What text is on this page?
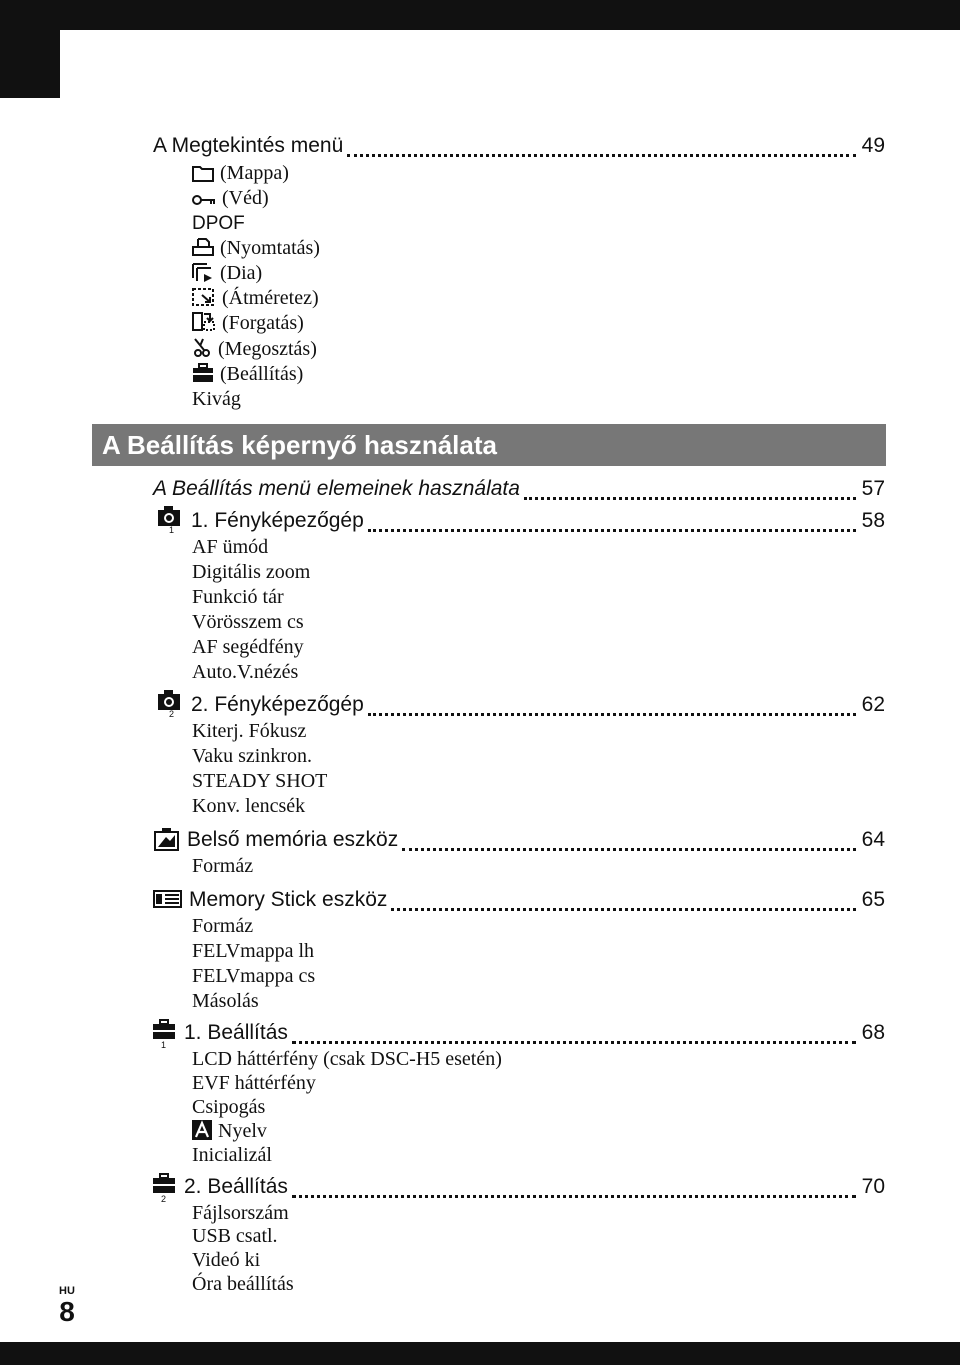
A Megtekintés menü	49
(Mappa)
(Véd)
DPOF
(Nyomtatás)
(Dia)
(Átméretez)
(Forgatás)
(Megosztás)
(Beállítás)
Kivág
A Beállítás képernyő használata
A Beállítás menü elemeinek használata	57
1 1. Fényképezőgép	58
AF ümód
Digitális zoom
Funkció tár
Vörösszem cs
AF segédfény
Auto.V.nézés
2 2. Fényképezőgép	62
Kiterj. Fókusz
Vaku szinkron.
STEADY SHOT
Konv. lencsék
Belső memória eszköz	64
Formáz
Memory Stick eszköz	65
Formáz
FELVmappa lh
FELVmappa cs
Másolás
1
1. Beállítás	68
LCD háttérfény (csak DSC-H5 esetén)
EVF háttérfény
Csipogás
Nyelv
Inicializál
2
2. Beállítás	70
Fájlsorszám
USB csatl.
Videó ki
Óra beállítás
HU
8
